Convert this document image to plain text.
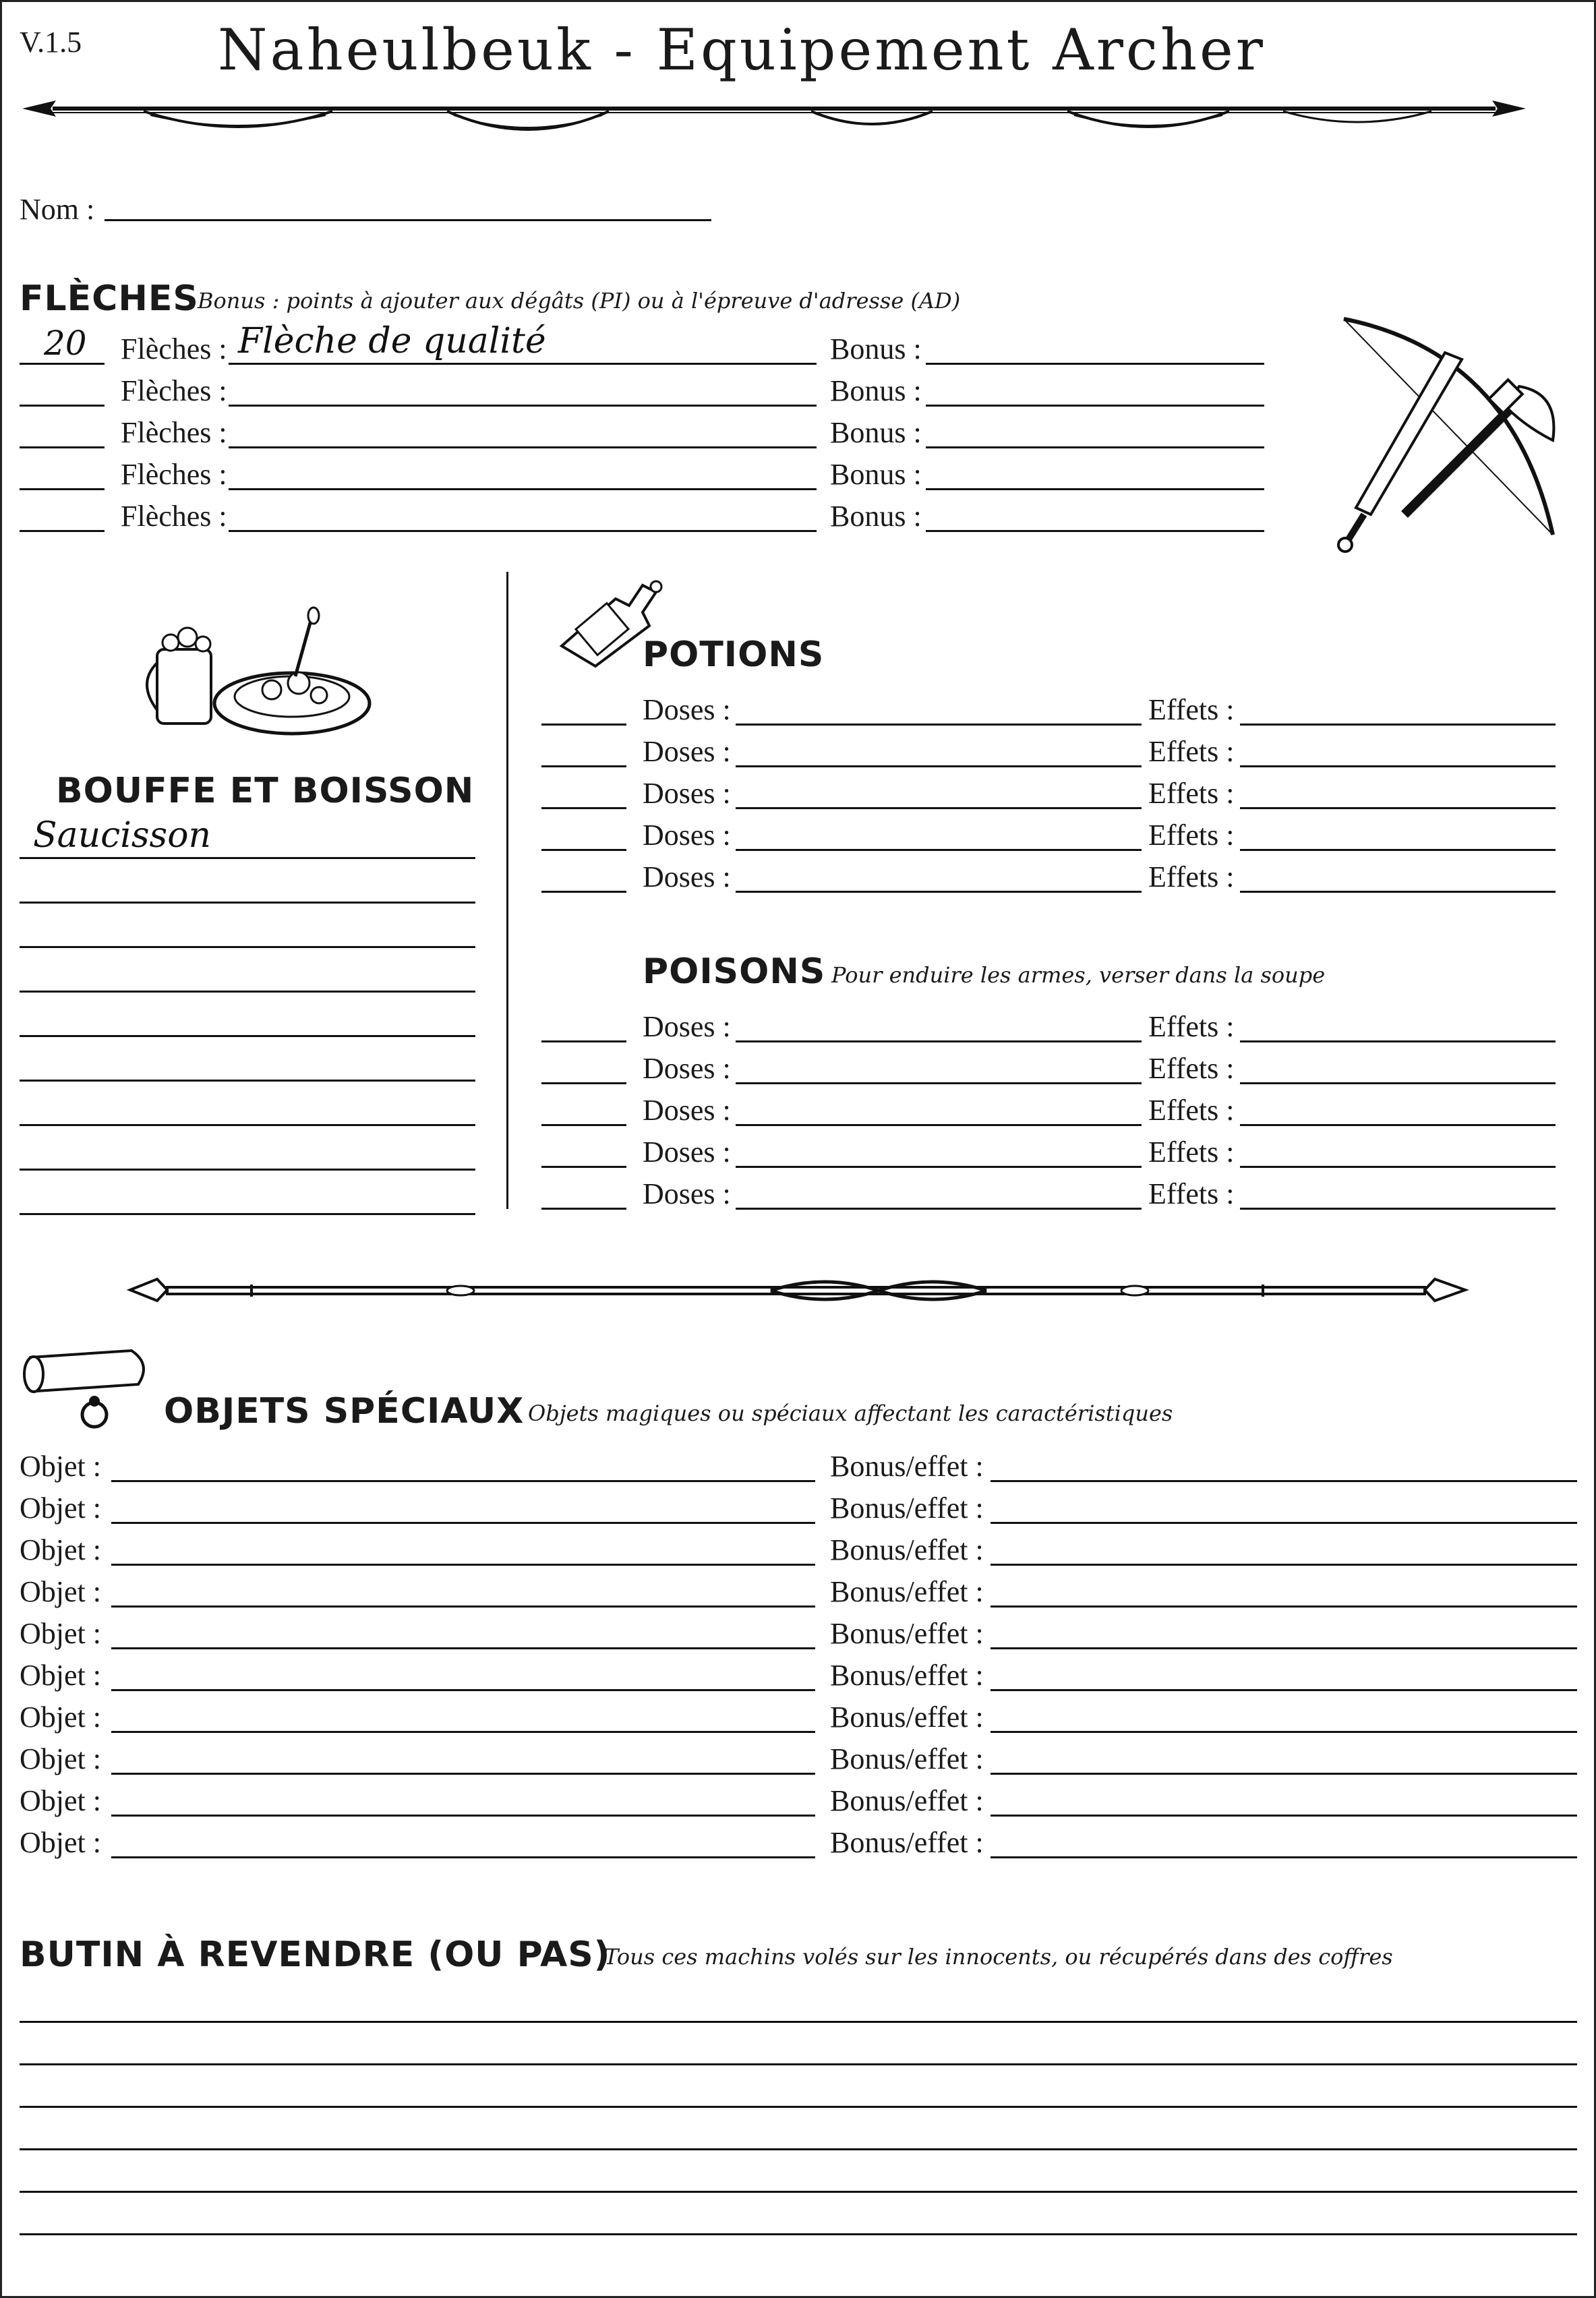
V.1.5 Naheulbeuk - Equipement Archer
Nom :
FLÈCHES
Bonus : points à ajouter aux dégâts (PI) ou à l'épreuve d'adresse (AD)
20 Flèches : Flèche de qualité	Bonus :
Flèches :	Bonus :
Flèches :	Bonus :
Flèches :	Bonus :
Flèches :	Bonus :
BOUFFE ET BOISSON
Saucisson
POTIONS
Doses :	Effets :
Doses :	Effets :
Doses :	Effets :
Doses :	Effets :
Doses :	Effets :
POISONS Pour enduire les armes, verser dans la soupe
Doses :	Effets :
Doses :	Effets :
Doses :	Effets :
Doses :	Effets :
Doses :	Effets :
OBJETS SPÉCIAUX Objets magiques ou spéciaux affectant les caractéristiques
Objet :	Bonus/effet :
Objet :	Bonus/effet :
Objet :	Bonus/effet :
Objet :	Bonus/effet :
Objet :	Bonus/effet :
Objet :	Bonus/effet :
Objet :	Bonus/effet :
Objet :	Bonus/effet :
Objet :	Bonus/effet :
Objet :	Bonus/effet :
BUTIN À REVENDRE (OU PAS)
Tous ces machins volés sur les innocents, ou récupérés dans des coffres
